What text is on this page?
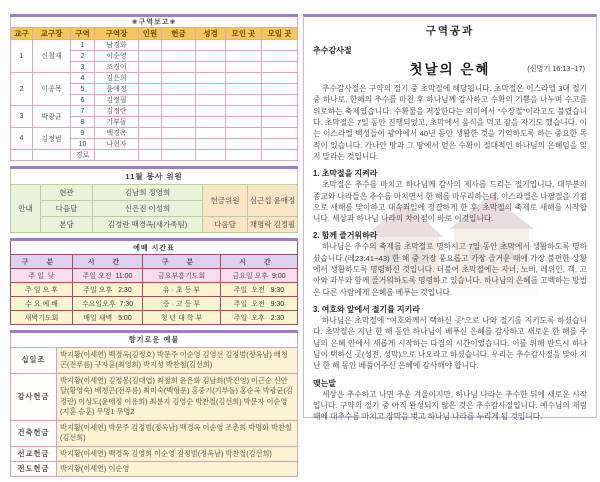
❀구역보고❀								
교구	교구장	구역	구역장	인원	헌금	성경	모인 곳	모일 곳
1	신철재	1	남경화					
		2	이순영					
		3	조경이					
2	이종목	4	김은희					
		5	윤애정					
		6	김정필					
3	박광균	7	김정란					
		8	기부돌					
4	김정범	9	백경옥					
		10	나현자					
		경로						
11월 봉사 위원				
안내	현관	김남희 정영희	헌금위원	심근섭 윤애정
	다음달	신은진 이성희		
	본당	김정란 백경옥(새가족팀)	다음달	채명락 김정필
예배 시간표			
구 분	시 간	구 분	시 간
주 일  낮	주일 오전  11:00	금요부흥기도회	금요일 오후  9:00
주 일 오 후	주일 오후   2:30	유 · 초 등 부	주일  오전   9:30
수 요 예 배	수요일오후  7:30	중 · 고 등 부	주일  오전   9:30
새벽기도회	매일 새벽   5:00	청 년 대 학 부	주일  오후   2:30
향기로운 예물	
십일조	박지황(이세연) 백경옥(김정호) 박문주 이순영 김영선 김정범(정옥남) 배청곤(전푸름) 구자훈(최영희) 박지성 박찬철(김선희)
감사헌금	박지황(이세연) 김정봉(김대엽) 최철희 윤은화 김남희(박진영) 이근순 신안달(황영숙) 배청곤(전푸름) 최미숙(백형운) 홍중기(기부돌) 홍순옥 박광균(김정란) 이상도(윤애정 이용희) 최분지 김영순 박찬철(김선희) 박문자 이순영(지훈 승훈) 무명1 무명2
건축헌금	박지황(이세연) 박문주 김정범(정옥남) 백경옥 이순영 조춘희 박명화 박찬철(김선희)
선교헌금	박지황(이세연) 백경옥 김영희 이순영 김정범(정옥남) 박찬철(김선희)
전도헌금	박지황(이세연) 이순영
구역공과
추수감사절
첫날의 은혜	(신명기 16:13~17)

추수감사절은 구약의 절기 중 초막절에 해당됩니다. 초막절은 이스라엘 3대 절기 중 하나로, 한해의 추수를 마친 후 하나님께 감사하고 수확의 기쁨을 나누며 수고를 위로하는 축제였습니다. 수확물을 저장한다는 의미에서 "수장절"이라고도 불렸습니다. 초막절은 7일 동안 진행되었고, 초막에서 음식을 먹고 잠을 자기도 했습니다. 이는 이스라엘 백성들이 광야에서 40년 동안 생활한 것을 기억하도록 하는 중요한 목적이 있습니다. 가나안 땅과 그 땅에서 얻은 수확이 절대적인 하나님의 은혜임을 잊지 말라는 것입니다.

1. 초막절을 지켜라

초막절은 추수를 마치고 하나님께 감사의 제사를 드리는 절기입니다. 대부분의 종교와 나라들은 추수를 마치면서 한 해를 마무리하는데, 이스라엘은 나팔절을 기점으로 새해를 맞이하고 대속죄일에 정결하게 한 후, 초막절의 축제로 새해를 시작합니다. 세상과 하나님 나라의 차이점이 바로 이것입니다.

2. 함께 즐거워하라

하나님은 추수의 축제를 초막절로 명하시고 7일 동안 초막에서 생활하도록 명하셨습니다.(레23:41~43) 한 해 중 가장 풍요롭고 가장 즐거운 때에 가장 불편한 상황에서 생활하도록 명령하신 것입니다. 더불어 초막절에는 자녀, 노비, 레위인, 객, 고아와 과부와 함께 즐거워하도록 명령하고 있습니다. 하나님의 은혜를 고백하는 방법은 다른 사람에게 은혜를 베푸는 것입니다.

3. 여호와 앞에서 절기를 지키라

하나님은 초막절에 "여호와께서 택하신 곳"으로 나와 절기를 지키도록 하셨습니다. 초막절은 지난 한 해 동안 하나님이 베푸신 은혜를 감사하고 새로운 한 해를 주님의 은혜 안에서 새롭게 시작하는 다짐의 시간이었습니다. 이를 위해 반드시 하나님이 택하신 곳(성전, 성막)으로 나오라고 하셨습니다. 우리는 추수감사절을 맞아 지난 한 해 동안 베풀어주신 은혜에 감사해야 합니다.

맺는말

세상은 추수하고 나면 추운 겨울이지만, 하나님 나라는 추수한 뒤에 새로운 시작입니다. 구약의 절기 중 아직 완성되지 않은 것은 추수감사절입니다. 예수님의 재림 때에 대추수를 마치고 장막을 벗고 하나님 나라를 누리게 될 것입니다.
